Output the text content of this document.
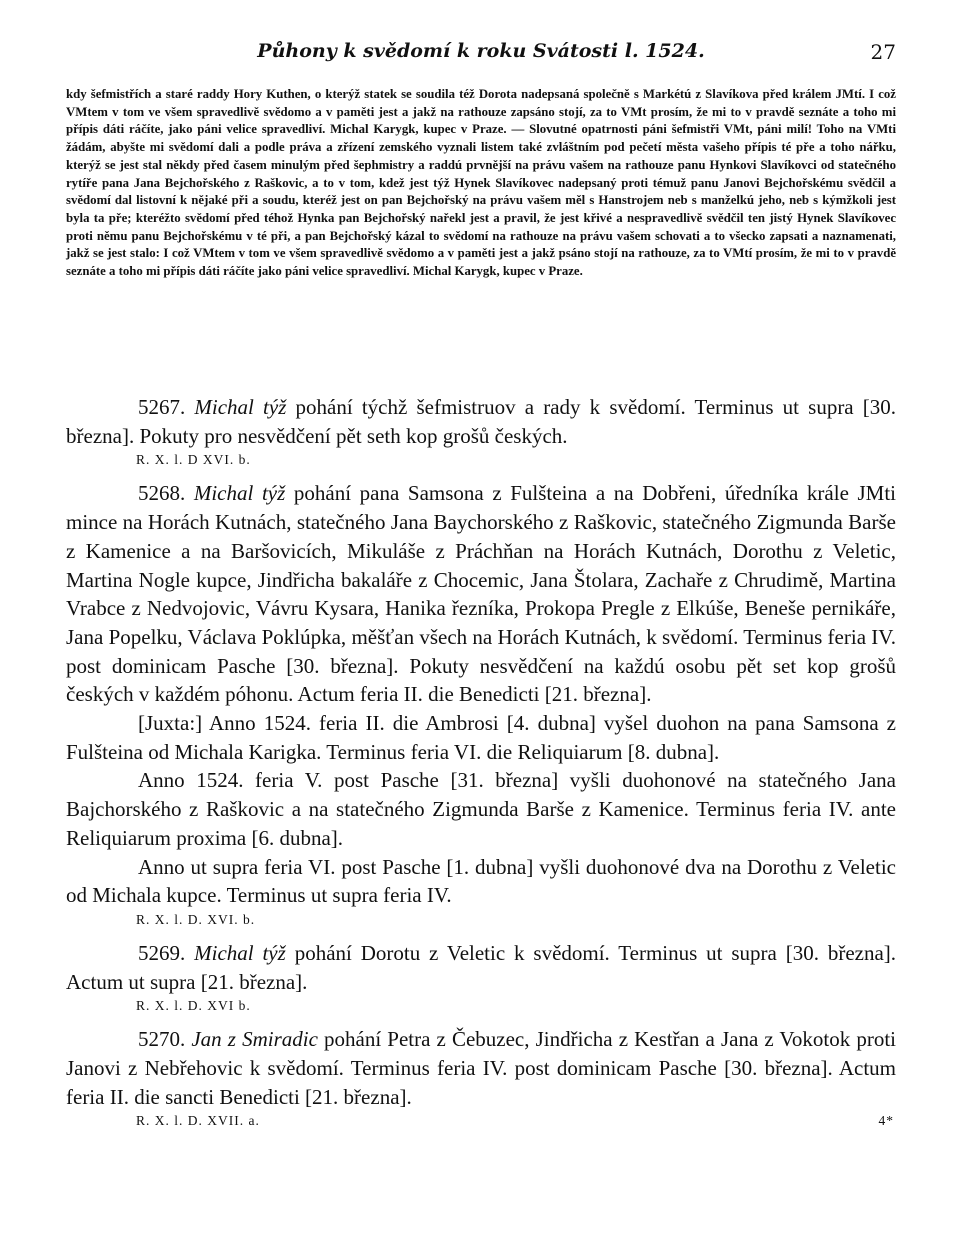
Půhony k svědomí k roku Svátosti l. 1524.	27

kdy šefmistřích a staré raddy Hory Kuthen, o kterýž statek se soudila též Dorota nadepsaná společně s Markétú z Slavíkova před králem JMtí. I což VMtem v tom ve všem spravedlivě svědomo a v paměti jest a jakž na rathouze zapsáno stojí, za to VMt prosím, že mi to v pravdě seznáte a toho mi přípis dáti ráčíte, jako páni velice spravedliví. Michal Karygk, kupec v Praze. — Slovutné opatrnosti páni šefmistři VMt, páni milí! Toho na VMti žádám, abyšte mi svědomí dali a podle práva a zřízení zemského vyznali listem také zvláštním pod pečetí města vašeho přípis té pře a toho nářku, kterýž se jest stal někdy před časem minulým před šephmistry a raddú prvnější na právu vašem na rathouze panu Hynkovi Slavíkovci od statečného rytíře pana Jana Bejchořského z Raškovic, a to v tom, kdež jest týž Hynek Slavíkovec nadepsaný proti témuž panu Janovi Bejchořskému svědčil a svědomí dal listovní k nějaké při a soudu, kteréž jest on pan Bejchořský na právu vašem měl s Hanstrojem neb s manželkú jeho, neb s kýmžkoli jest byla ta pře; kteréžto svědomí před téhož Hynka pan Bejchořský nařekl jest a pravil, že jest křivé a nespravedlivě svědčil ten jistý Hynek Slavíkovec proti němu panu Bejchořskému v té při, a pan Bejchořský kázal to svědomí na rathouze na právu vašem schovati a to všecko zapsati a naznamenati, jakž se jest stalo: I což VMtem v tom ve všem spravedlivě svědomo a v paměti jest a jakž psáno stojí na rathouze, za to VMtí prosím, že mi to v pravdě seznáte a toho mi přípis dáti ráčíte jako páni velice spravedliví. Michal Karygk, kupec v Praze.

5267. Michal týž pohání týchž šefmistruov a rady k svědomí. Terminus ut supra [30. března]. Pokuty pro nesvědčení pět seth kop grošů českých.

R. X. l. D XVI. b.

5268. Michal týž pohání pana Samsona z Fulšteina a na Dobřeni, úředníka krále JMti mince na Horách Kutnách, statečného Jana Baychorského z Raškovic, statečného Zigmunda Barše z Kamenice a na Baršovicích, Mikuláše z Práchňan na Horách Kutnách, Dorothu z Veletic, Martina Nogle kupce, Jindřicha bakaláře z Chocemic, Jana Štolara, Zachaře z Chrudimě, Martina Vrabce z Nedvojovic, Vávru Kysara, Hanika řezníka, Prokopa Pregle z Elkúše, Beneše pernikáře, Jana Popelku, Václava Poklúpka, měšťan všech na Horách Kutnách, k svědomí. Terminus feria IV. post dominicam Pasche [30. března]. Pokuty nesvědčení na každú osobu pět set kop grošů českých v každém póhonu. Actum feria II. die Benedicti [21. března].

[Juxta:] Anno 1524. feria II. die Ambrosi [4. dubna] vyšel duohon na pana Samsona z Fulšteina od Michala Karigka. Terminus feria VI. die Reliquiarum [8. dubna].

Anno 1524. feria V. post Pasche [31. března] vyšli duohonové na statečného Jana Bajchorského z Raškovic a na statečného Zigmunda Barše z Kamenice. Terminus feria IV. ante Reliquiarum proxima [6. dubna].

Anno ut supra feria VI. post Pasche [1. dubna] vyšli duohonové dva na Dorothu z Veletic od Michala kupce. Terminus ut supra feria IV.

R. X. l. D. XVI. b.

5269. Michal týž pohání Dorotu z Veletic k svědomí. Terminus ut supra [30. března]. Actum ut supra [21. března].

R. X. l. D. XVI b.

5270. Jan z Smiradic pohání Petra z Čebuzec, Jindřicha z Kestřan a Jana z Vokotok proti Janovi z Nebřehovic k svědomí. Terminus feria IV. post dominicam Pasche [30. března]. Actum feria II. die sancti Benedicti [21. března].

R. X. l. D. XVII. a.	4*
